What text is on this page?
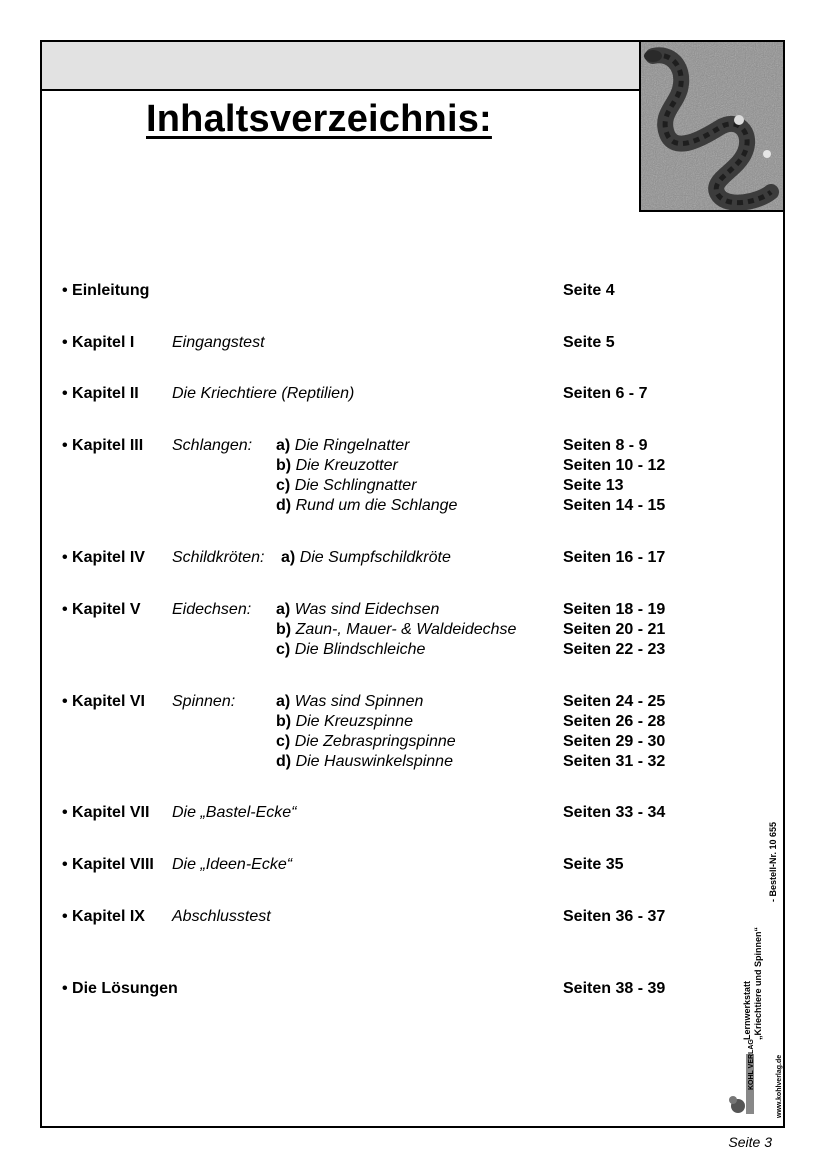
Inhaltsverzeichnis:
• Einleitung	Seite 4
• Kapitel I Eingangstest	Seite 5
• Kapitel II Die Kriechtiere (Reptilien)	Seiten 6 - 7
• Kapitel III Schlangen: a) Die Ringelnatter	Seiten 8 - 9
b) Die Kreuzotter	Seiten 10 - 12
c) Die Schlingnatter	Seite 13
d) Rund um die Schlange	Seiten 14 - 15
• Kapitel IV Schildkröten: a) Die Sumpfschildkröte	Seiten 16 - 17
• Kapitel V Eidechsen: a) Was sind Eidechsen	Seiten 18 - 19
b) Zaun-, Mauer- & Waldeidechse	Seiten 20 - 21
c) Die Blindschleiche	Seiten 22 - 23
• Kapitel VI Spinnen:	a) Was sind Spinnen	Seiten 24 - 25
b) Die Kreuzspinne	Seiten 26 - 28
c) Die Zebraspringspinne	Seiten 29 - 30
d) Die Hauswinkelspinne	Seiten 31 - 32
• Kapitel VII Die „Bastel-Ecke“	Seiten 33 - 34
• Kapitel VIII Die „Ideen-Ecke“	Seite 35
• Kapitel IX Abschlusstest	Seiten 36 - 37
• Die Lösungen	Seiten 38 - 39	Lernwerkstatt „Kriechtiere und Spinnen“
- Bestell-Nr. 10 655
KOHL VERLAG	www.kohlverlag.de
Seite 3
